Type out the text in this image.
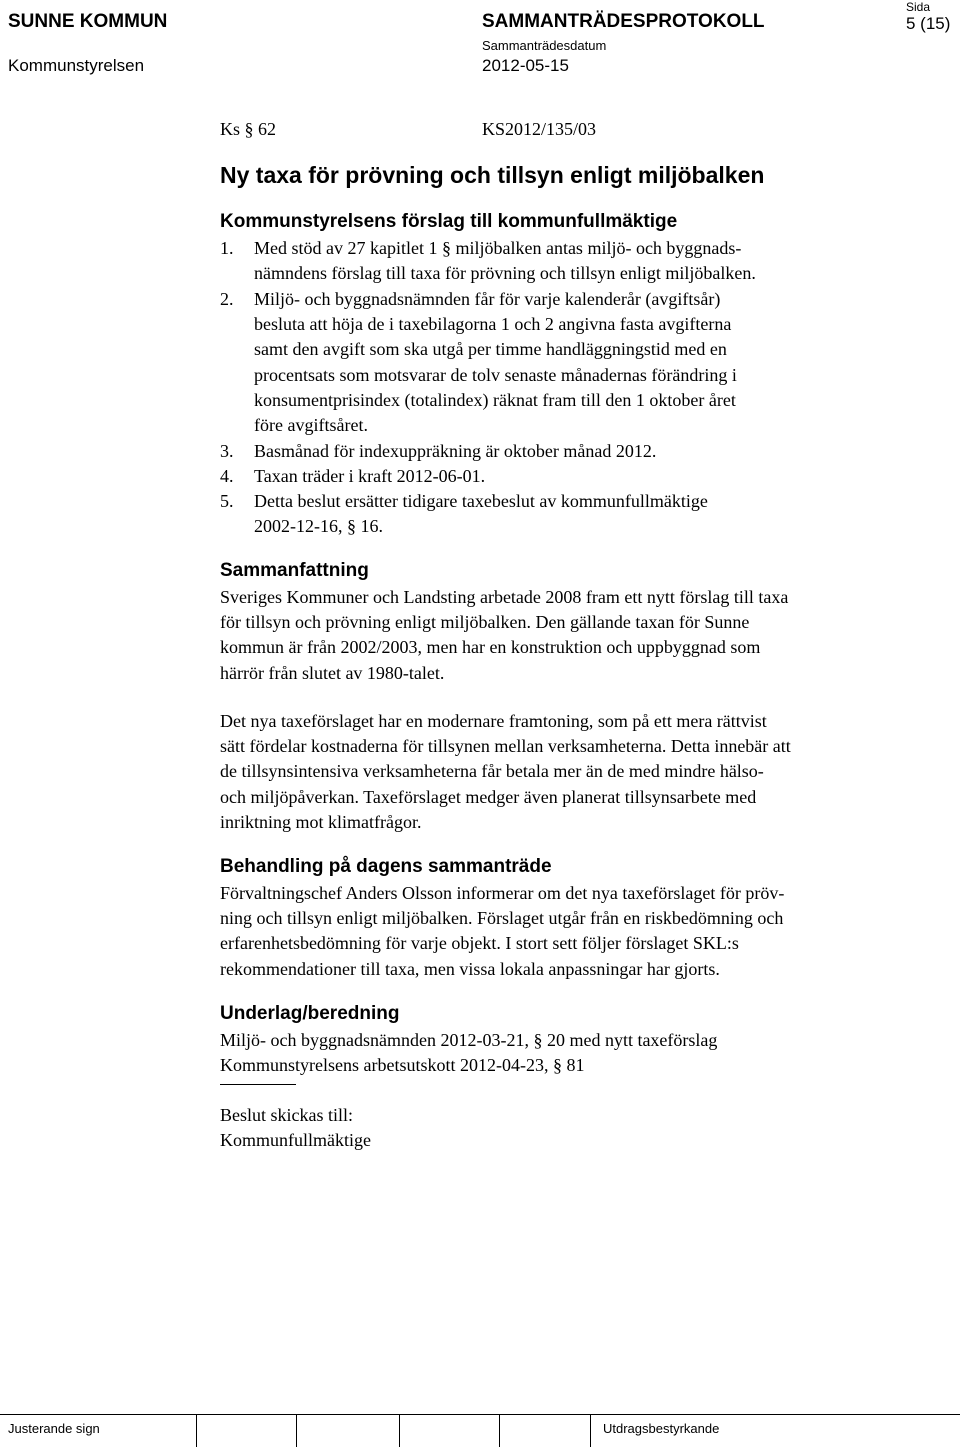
SUNNE KOMMUN
Kommunstyrelsen
SAMMANTRÄDESPROTOKOLL
Sammanträdesdatum
2012-05-15
Sida
5 (15)
Ks § 62	KS2012/135/03
Ny taxa för prövning och tillsyn enligt miljöbalken
Kommunstyrelsens förslag till kommunfullmäktige
1. Med stöd av 27 kapitlet 1 § miljöbalken antas miljö- och byggnads-
nämndens förslag till taxa för prövning och tillsyn enligt miljöbalken.
2. Miljö- och byggnadsnämnden får för varje kalenderår (avgiftsår)
besluta att höja de i taxebilagorna 1 och 2 angivna fasta avgifterna
samt den avgift som ska utgå per timme handläggningstid med en
procentsats som motsvarar de tolv senaste månadernas förändring i
konsumentprisindex (totalindex) räknat fram till den 1 oktober året
före avgiftsåret.
3. Basmånad för indexuppräkning är oktober månad 2012.
4. Taxan träder i kraft 2012-06-01.
5. Detta beslut ersätter tidigare taxebeslut av kommunfullmäktige
2002-12-16, § 16.
Sammanfattning
Sveriges Kommuner och Landsting arbetade 2008 fram ett nytt förslag till taxa
för tillsyn och prövning enligt miljöbalken. Den gällande taxan för Sunne
kommun är från 2002/2003, men har en konstruktion och uppbyggnad som
härrör från slutet av 1980-talet.
Det nya taxeförslaget har en modernare framtoning, som på ett mera rättvist
sätt fördelar kostnaderna för tillsynen mellan verksamheterna. Detta innebär att
de tillsynsintensiva verksamheterna får betala mer än de med mindre hälso-
och miljöpåverkan. Taxeförslaget medger även planerat tillsynsarbete med
inriktning mot klimatfrågor.
Behandling på dagens sammanträde
Förvaltningschef Anders Olsson informerar om det nya taxeförslaget för pröv-
ning och tillsyn enligt miljöbalken. Förslaget utgår från en riskbedömning och
erfarenhetsbedömning för varje objekt. I stort sett följer förslaget SKL:s
rekommendationer till taxa, men vissa lokala anpassningar har gjorts.
Underlag/beredning
Miljö- och byggnadsnämnden 2012-03-21, § 20 med nytt taxeförslag
Kommunstyrelsens arbetsutskott 2012-04-23, § 81
Beslut skickas till:
Kommunfullmäktige
Justerande sign	Utdragsbestyrkande
